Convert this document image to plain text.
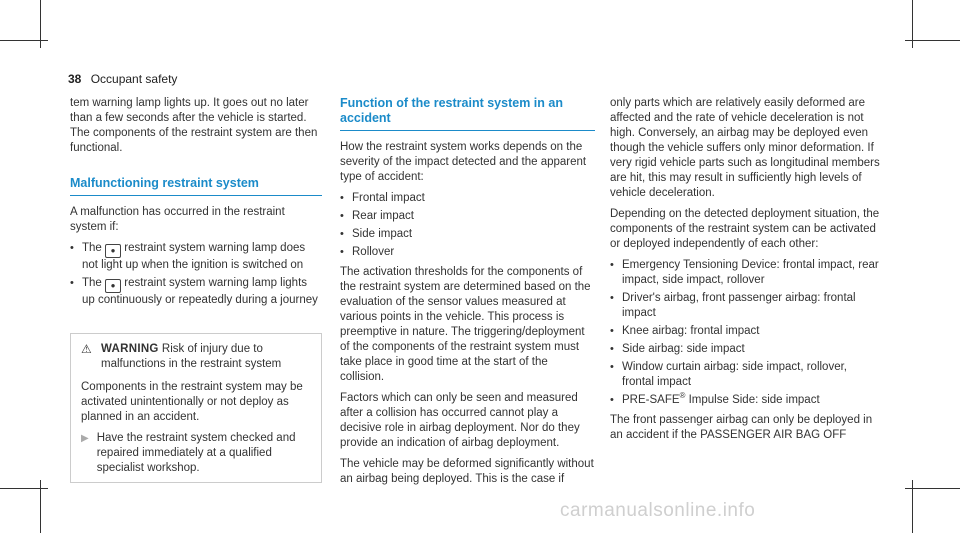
38 Occupant safety

tem warning lamp lights up. It goes out no later than a few seconds after the vehicle is started. The components of the restraint system are then functional.

Malfunctioning restraint system

A malfunction has occurred in the restraint system if:

• The ● restraint system warning lamp does not light up when the ignition is switched on
• The ● restraint system warning lamp lights up continuously or repeatedly during a journey
⚠ WARNING Risk of injury due to malfunctions in the restraint system

Components in the restraint system may be activated unintentionally or not deploy as planned in an accident.

▶ Have the restraint system checked and repaired immediately at a qualified specialist workshop.
Function of the restraint system in an accident

How the restraint system works depends on the severity of the impact detected and the apparent type of accident:

• Frontal impact
• Rear impact
• Side impact
• Rollover

The activation thresholds for the components of the restraint system are determined based on the evaluation of the sensor values measured at various points in the vehicle. This process is preemptive in nature. The triggering/deployment of the components of the restraint system must take place in good time at the start of the collision.

Factors which can only be seen and measured after a collision has occurred cannot play a decisive role in airbag deployment. Nor do they provide an indication of airbag deployment.

The vehicle may be deformed significantly without an airbag being deployed. This is the case if

only parts which are relatively easily deformed are affected and the rate of vehicle deceleration is not high. Conversely, an airbag may be deployed even though the vehicle suffers only minor deformation. If very rigid vehicle parts such as longitudinal members are hit, this may result in sufficiently high levels of vehicle deceleration.

Depending on the detected deployment situation, the components of the restraint system can be activated or deployed independently of each other:

• Emergency Tensioning Device: frontal impact, rear impact, side impact, rollover
• Driver's airbag, front passenger airbag: frontal impact
• Knee airbag: frontal impact
• Side airbag: side impact
• Window curtain airbag: side impact, rollover, frontal impact
• PRE-SAFE® Impulse Side: side impact

The front passenger airbag can only be deployed in an accident if the PASSENGER AIR BAG OFF

carmanualsonline.info
